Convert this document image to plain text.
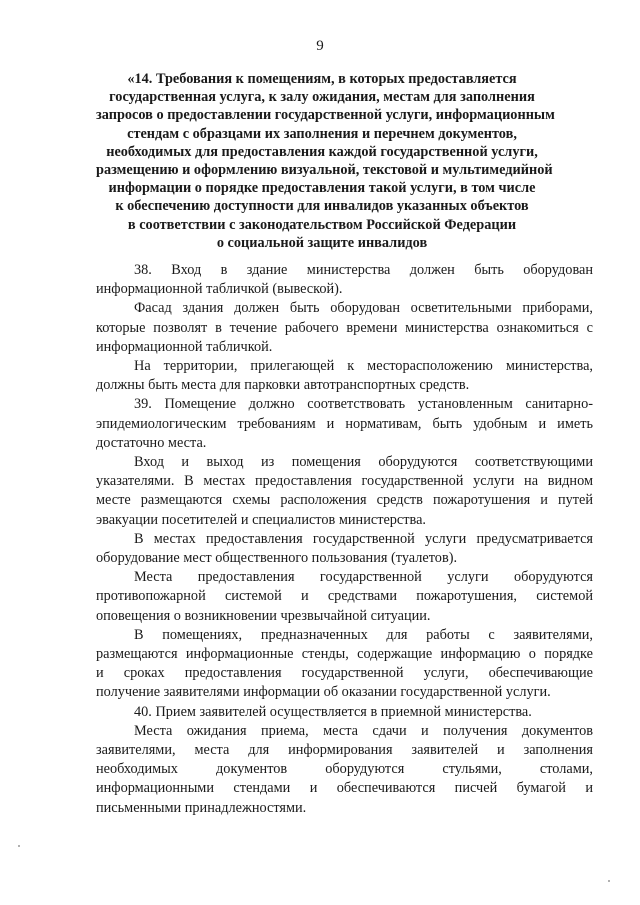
9
«14. Требования к помещениям, в которых предоставляется
государственная услуга, к залу ожидания, местам для заполнения
запросов о предоставлении государственной услуги, информационным
стендам с образцами их заполнения и перечнем документов,
необходимых для предоставления каждой государственной услуги,
размещению и оформлению визуальной, текстовой и мультимедийной
информации о порядке предоставления такой услуги, в том числе
к обеспечению доступности для инвалидов указанных объектов
в соответствии с законодательством Российской Федерации
о социальной защите инвалидов
38. Вход в здание министерства должен быть оборудован
информационной табличкой (вывеской).
Фасад здания должен быть оборудован осветительными приборами,
которые позволят в течение рабочего времени министерства ознакомиться с
информационной табличкой.
На территории, прилегающей к месторасположению министерства,
должны быть места для парковки автотранспортных средств.
39. Помещение должно соответствовать установленным санитарно-
эпидемиологическим требованиям и нормативам, быть удобным и иметь
достаточно места.
Вход и выход из помещения оборудуются соответствующими
указателями. В местах предоставления государственной услуги на видном
месте размещаются схемы расположения средств пожаротушения и путей
эвакуации посетителей и специалистов министерства.
В местах предоставления государственной услуги предусматривается
оборудование мест общественного пользования (туалетов).
Места предоставления государственной услуги оборудуются
противопожарной системой и средствами пожаротушения, системой
оповещения о возникновении чрезвычайной ситуации.
В помещениях, предназначенных для работы с заявителями,
размещаются информационные стенды, содержащие информацию о порядке
и сроках предоставления государственной услуги, обеспечивающие
получение заявителями информации об оказании государственной услуги.
40. Прием заявителей осуществляется в приемной министерства.
Места ожидания приема, места сдачи и получения документов
заявителями, места для информирования заявителей и заполнения
необходимых документов оборудуются стульями, столами,
информационными стендами и обеспечиваются писчей бумагой и
письменными принадлежностями.
